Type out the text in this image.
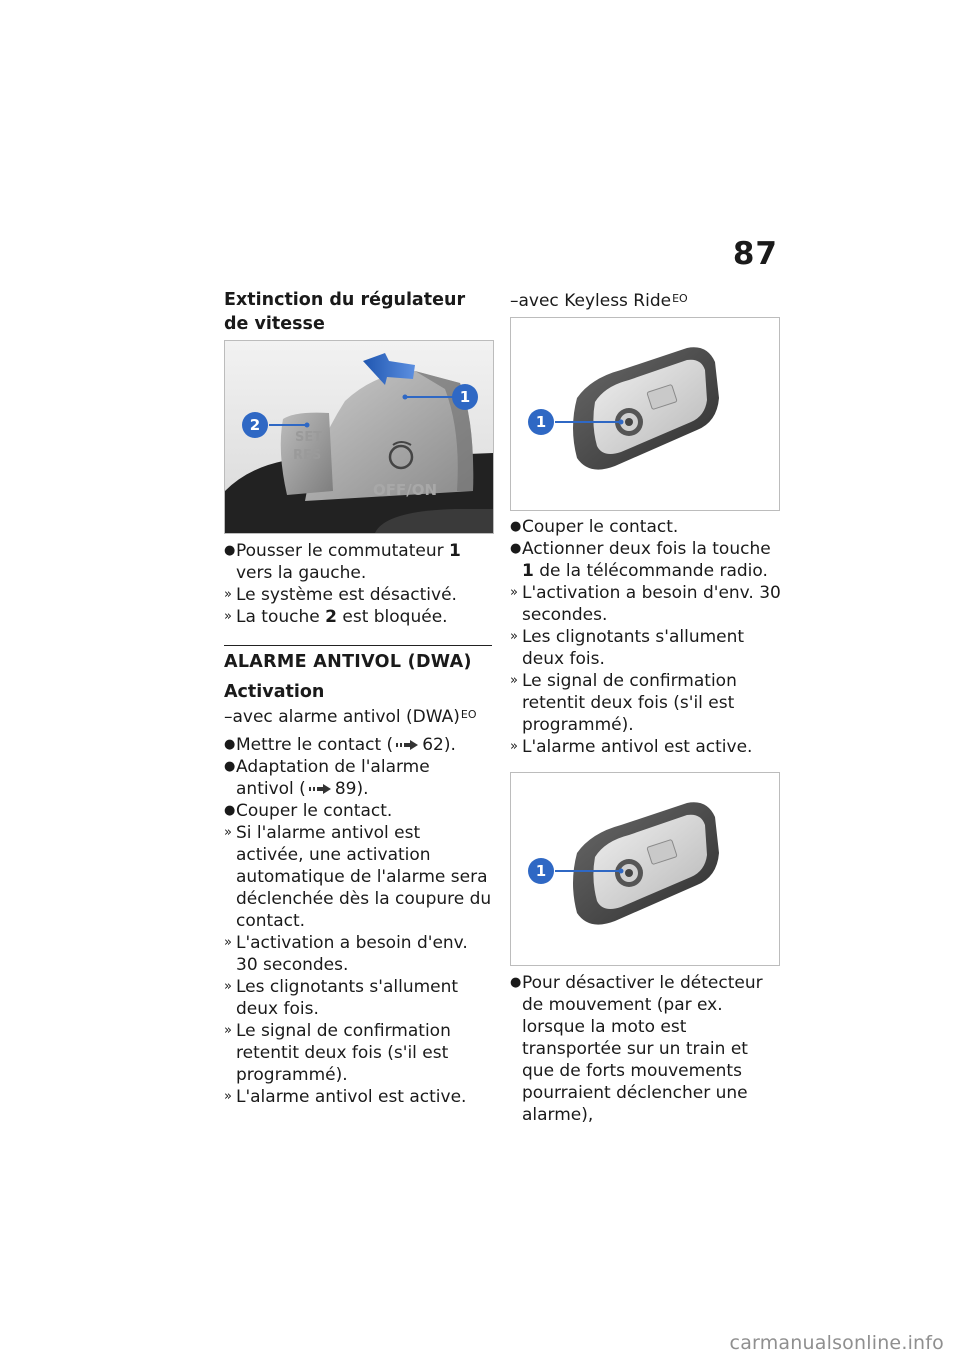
87

Extinction du régulateur de vitesse

SET
RES
OFF/ON
1
2
● Pousser le commutateur 1 vers la gauche.
» Le système est désactivé.
» La touche 2 est bloquée.

ALARME ANTIVOL (DWA)

Activation

–avec alarme antivol (DWA)$^{EO}$

● Mettre le contact ( 62).
● Adaptation de l'alarme antivol ( 89).
● Couper le contact.
» Si l'alarme antivol est activée, une activation automatique de l'alarme sera déclenchée dès la coupure du contact.
» L'activation a besoin d'env. 30 secondes.
» Les clignotants s'allument deux fois.
» Le signal de confirmation retentit deux fois (s'il est programmé).
» L'alarme antivol est active.

–avec Keyless Ride$^{EO}$

1
● Couper le contact.
● Actionner deux fois la touche 1 de la télécommande radio.
» L'activation a besoin d'env. 30 secondes.
» Les clignotants s'allument deux fois.
» Le signal de confirmation retentit deux fois (s'il est programmé).
» L'alarme antivol est active.
1
● Pour désactiver le détecteur de mouvement (par ex. lorsque la moto est transportée sur un train et que de forts mouvements pourraient déclencher une alarme),
carmanualsonline.info
